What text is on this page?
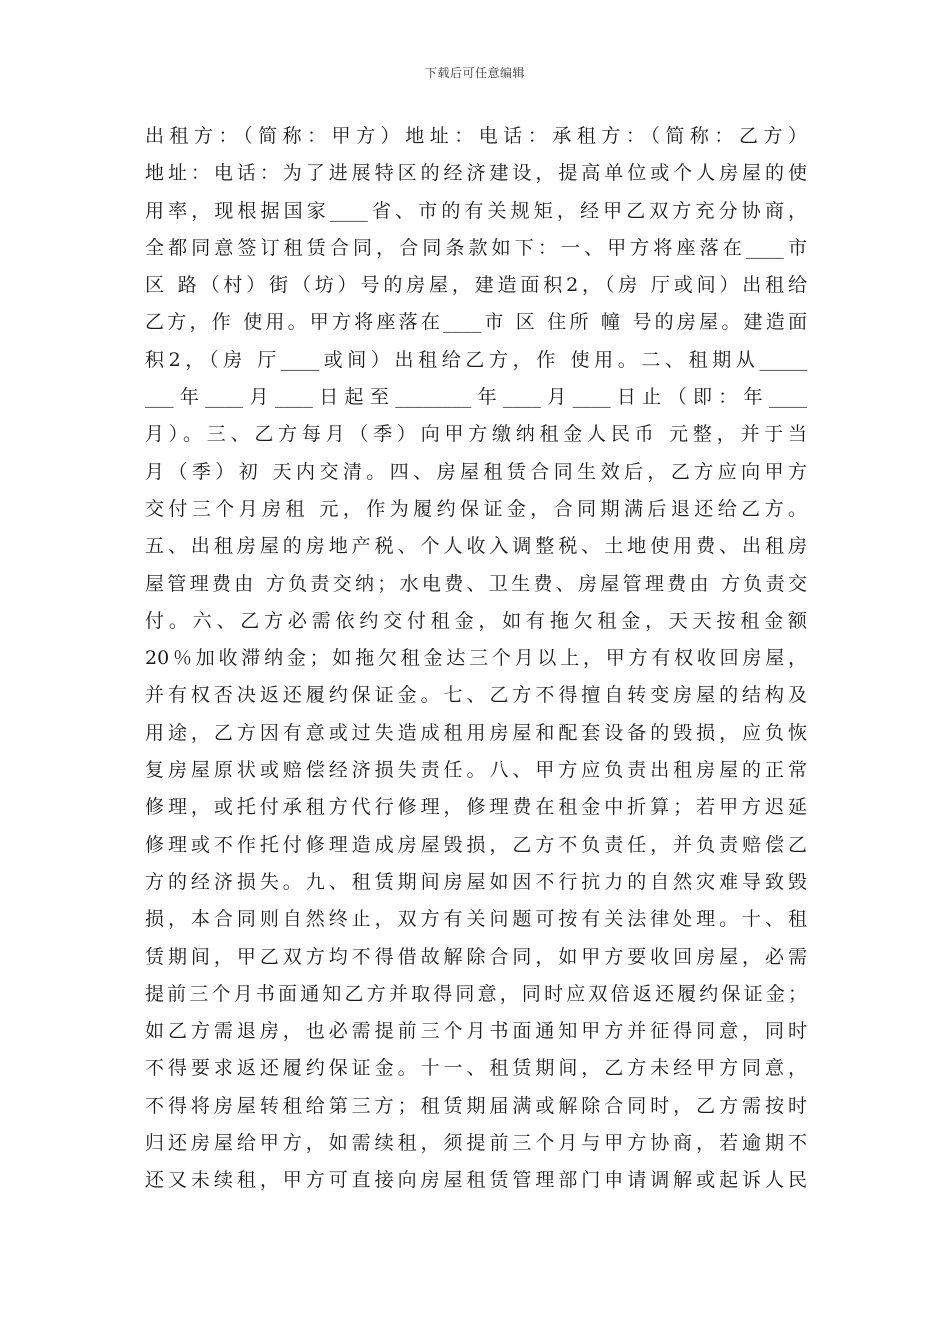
下载后可任意编辑
出租方：（简称：甲方）地址：电话：承租方：（简称：乙方）
地址：电话：为了进展特区的经济建设，提高单位或个人房屋的使
用率，现根据国家____省、市的有关规矩，经甲乙双方充分协商，
全都同意签订租赁合同，合同条款如下：一、甲方将座落在____市
区 路（村）街（坊）号的房屋，建造面积2，（房 厅或间）出租给
乙方，作 使用。甲方将座落在____市 区 住所 幢 号的房屋。建造面
积2，（房 厅____或间）出租给乙方，作 使用。二、租期从_____
___年____月____日起至________年____月____日止（即：年____
月）。三、乙方每月（季）向甲方缴纳租金人民币 元整，并于当
月（季）初 天内交清。四、房屋租赁合同生效后，乙方应向甲方
交付三个月房租 元，作为履约保证金，合同期满后退还给乙方。
五、出租房屋的房地产税、个人收入调整税、土地使用费、出租房
屋管理费由 方负责交纳；水电费、卫生费、房屋管理费由 方负责交
付。六、乙方必需依约交付租金，如有拖欠租金，天天按租金额
20％加收滞纳金；如拖欠租金达三个月以上，甲方有权收回房屋，
并有权否决返还履约保证金。七、乙方不得擅自转变房屋的结构及
用途，乙方因有意或过失造成租用房屋和配套设备的毁损，应负恢
复房屋原状或赔偿经济损失责任。八、甲方应负责出租房屋的正常
修理，或托付承租方代行修理，修理费在租金中折算；若甲方迟延
修理或不作托付修理造成房屋毁损，乙方不负责任，并负责赔偿乙
方的经济损失。九、租赁期间房屋如因不行抗力的自然灾难导致毁
损，本合同则自然终止，双方有关问题可按有关法律处理。十、租
赁期间，甲乙双方均不得借故解除合同，如甲方要收回房屋，必需
提前三个月书面通知乙方并取得同意，同时应双倍返还履约保证金；
如乙方需退房，也必需提前三个月书面通知甲方并征得同意，同时
不得要求返还履约保证金。十一、租赁期间，乙方未经甲方同意，
不得将房屋转租给第三方；租赁期届满或解除合同时，乙方需按时
归还房屋给甲方，如需续租，须提前三个月与甲方协商，若逾期不
还又未续租，甲方可直接向房屋租赁管理部门申请调解或起诉人民
